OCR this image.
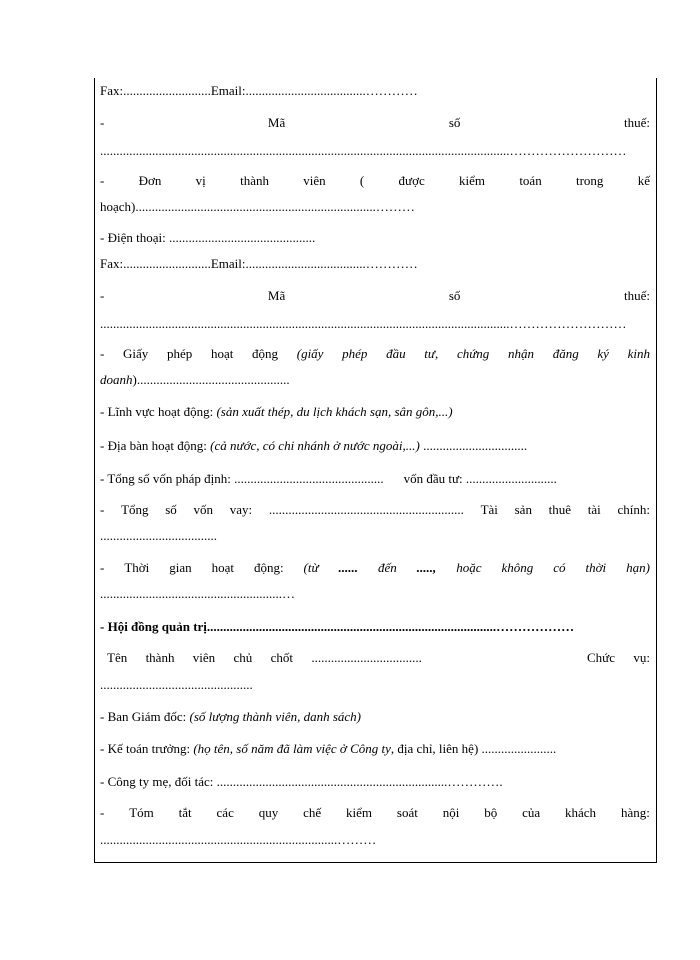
Fax:...........................Email:.....................................…………
-	Mã	số	thuế:
..............................................................................................................................………………………
-	Đơn	vị	thành	viên	(	được	kiểm	toán	trong	kế
hoạch)..........................................................................………
- Điện thoại: .............................................
Fax:...........................Email:.....................................…………
-	Mã	số	thuế:
..............................................................................................................................………………………
- Giấy phép hoạt động (giấy phép đầu tư, chứng nhận đăng ký kinh
doanh)...............................................
- Lĩnh vực hoạt động: (sản xuất thép, du lịch khách sạn, sân gôn,...)
- Địa bàn hoạt động: (cả nước, có chi nhánh ở nước ngoài,...) ................................
- Tổng số vốn pháp định: .............................................. vốn đầu tư: ............................
- Tổng số vốn vay: ............................................................ Tài sản thuê tài chính:
....................................
- Thời gian hoạt động: (từ ...... đến ....., hoặc không có thời hạn)
........................................................…
- Hội đồng quản trị.........................................................................................………………
Tên thành viên chủ chốt ..................................	Chức vụ:
...............................................
- Ban Giám đốc: (số lượng thành viên, danh sách)
- Kế toán trưởng: (họ tên, số năm đã làm việc ở Công ty, địa chỉ, liên hệ) .......................
- Công ty mẹ, đối tác: .......................................................................………….
- Tóm tắt các quy chế kiểm soát nội bộ của khách hàng:
.........................................................................………
